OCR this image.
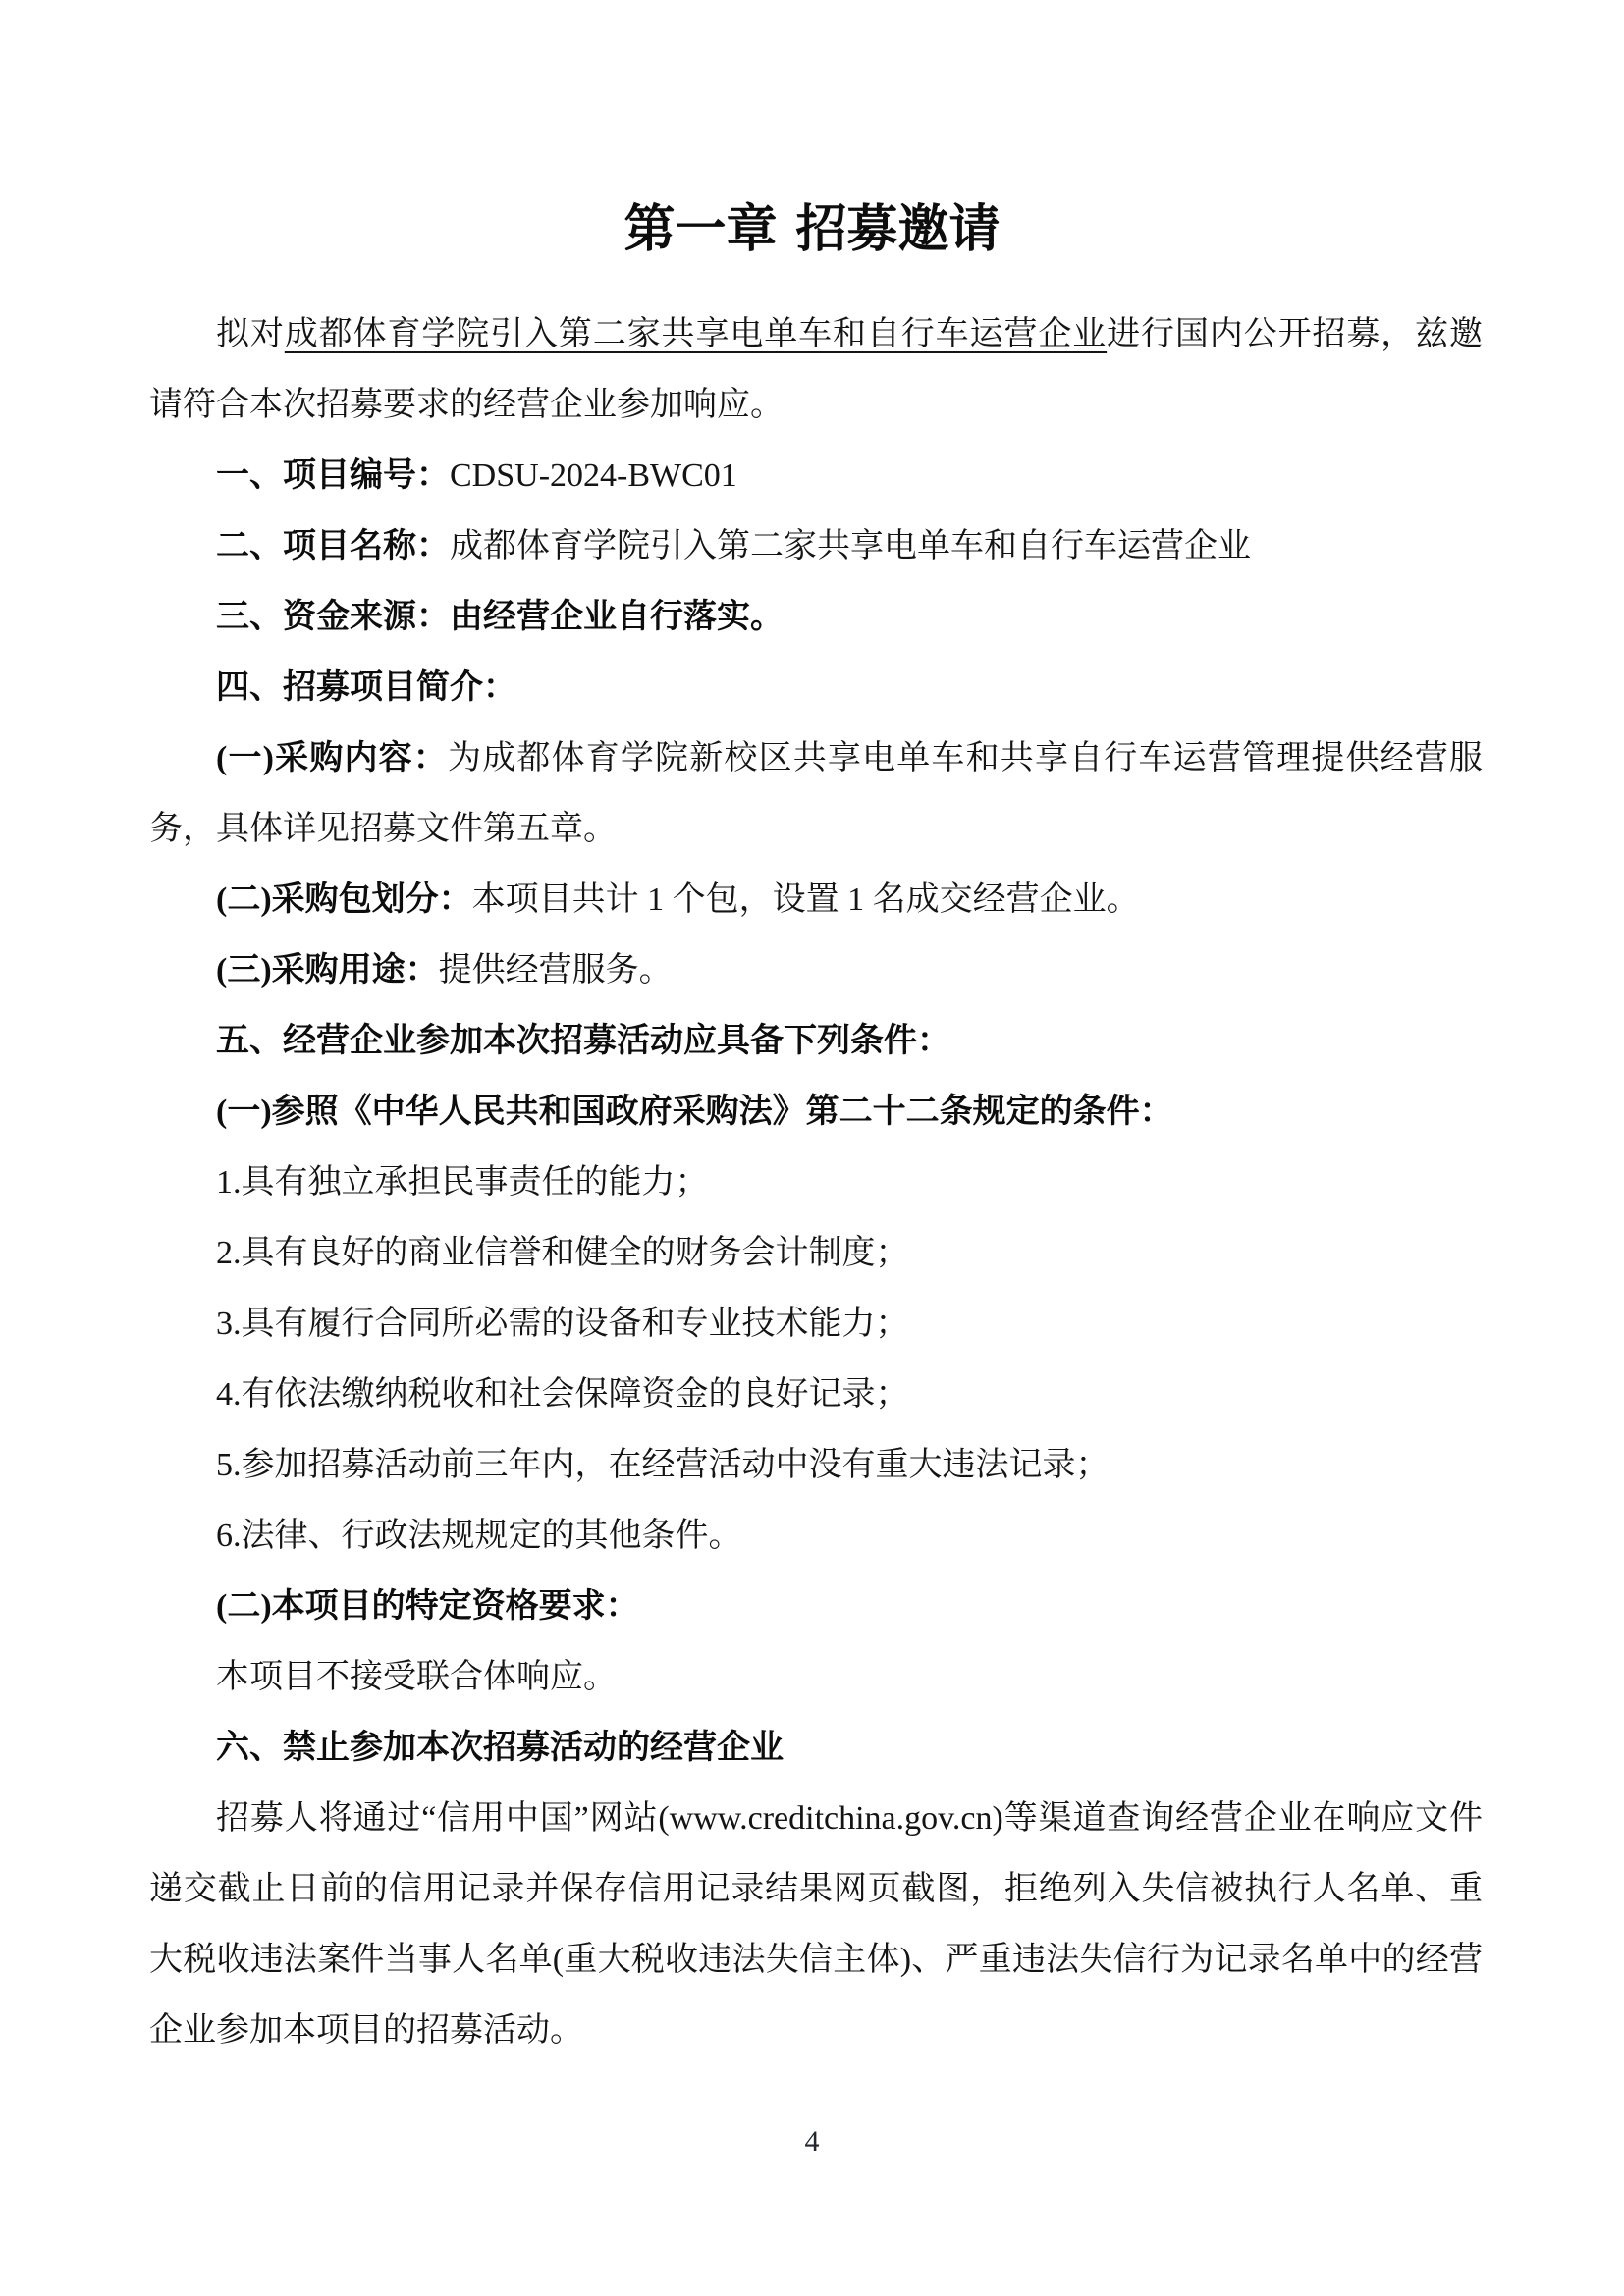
第一章 招募邀请

拟对成都体育学院引入第二家共享电单车和自行车运营企业进行国内公开招募，兹邀请符合本次招募要求的经营企业参加响应。

一、项目编号：CDSU-2024-BWC01

二、项目名称：成都体育学院引入第二家共享电单车和自行车运营企业

三、资金来源：由经营企业自行落实。

四、招募项目简介：

(一)采购内容：为成都体育学院新校区共享电单车和共享自行车运营管理提供经营服务，具体详见招募文件第五章。

(二)采购包划分：本项目共计 1 个包，设置 1 名成交经营企业。

(三)采购用途：提供经营服务。

五、经营企业参加本次招募活动应具备下列条件：

(一)参照《中华人民共和国政府采购法》第二十二条规定的条件：

1.具有独立承担民事责任的能力；

2.具有良好的商业信誉和健全的财务会计制度；

3.具有履行合同所必需的设备和专业技术能力；

4.有依法缴纳税收和社会保障资金的良好记录；

5.参加招募活动前三年内，在经营活动中没有重大违法记录；

6.法律、行政法规规定的其他条件。

(二)本项目的特定资格要求：

本项目不接受联合体响应。

六、禁止参加本次招募活动的经营企业

招募人将通过“信用中国”网站(www.creditchina.gov.cn)等渠道查询经营企业在响应文件递交截止日前的信用记录并保存信用记录结果网页截图，拒绝列入失信被执行人名单、重大税收违法案件当事人名单(重大税收违法失信主体)、严重违法失信行为记录名单中的经营企业参加本项目的招募活动。

4
